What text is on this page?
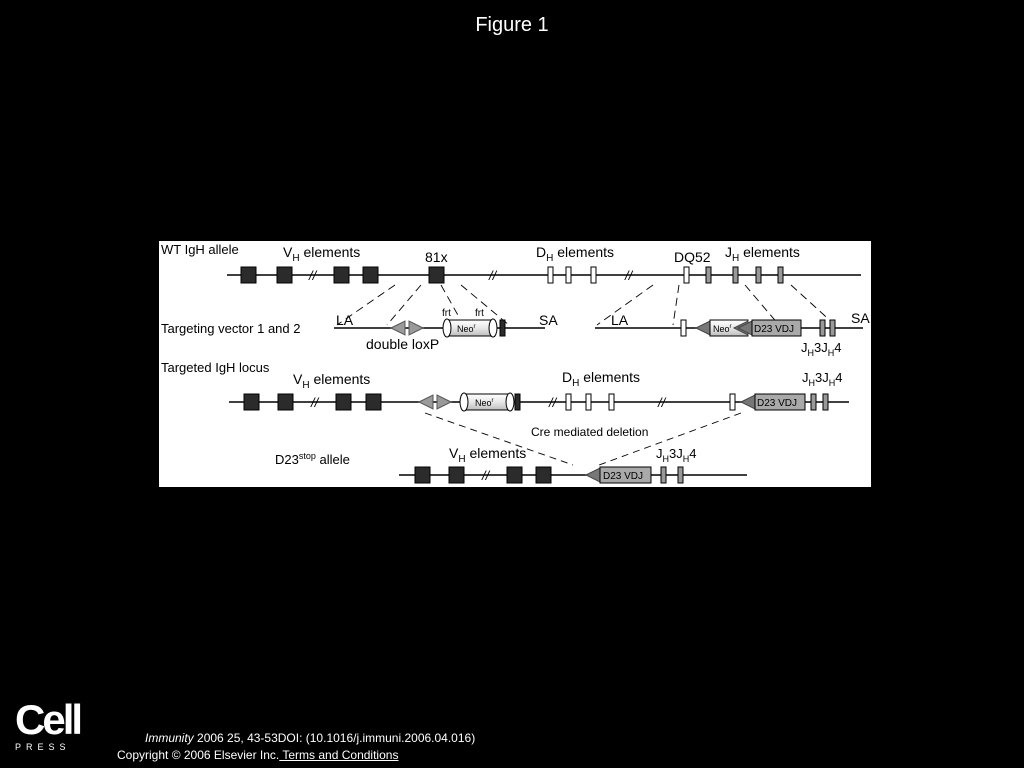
Figure 1
WT IgH allele	$V_H$ elements	81x	$D_H$ elements	DQ52 $J_H$ elements
//	//	//
Targeting vector 1 and 2
LA	frt frt	SA
Neo$^r$
double loxP
LA	SA
Neo$^r$ D23 VDJ
$J_H3J_H4$
Targeted IgH locus
$V_H$ elements	$D_H$ elements	$J_H3J_H4$
//	Neo$^r$	//	//	D23 VDJ
Cre mediated deletion
$D23^{stop}$ allele	$V_H$ elements	$J_H3J_H4$
//	D23 VDJ
Cell
PRESS
Immunity 2006 25, 43-53DOI: (10.1016/j.immuni.2006.04.016)
Copyright © 2006 Elsevier Inc. Terms and Conditions
